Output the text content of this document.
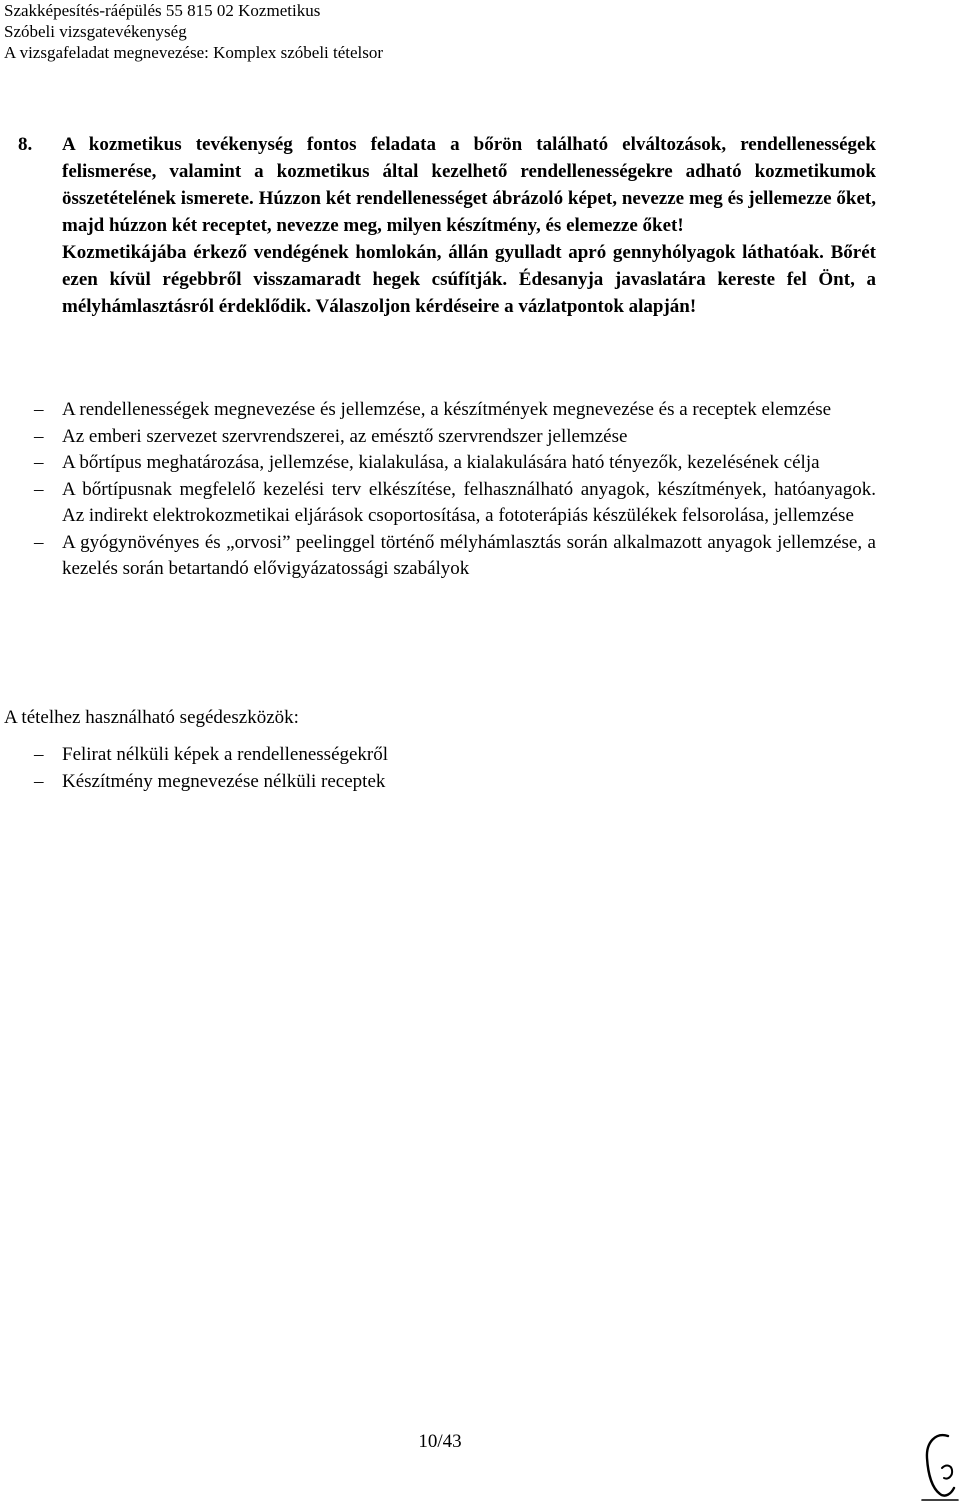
Szakképesítés-ráépülés 55 815 02 Kozmetikus
Szóbeli vizsgatevékenység
A vizsgafeladat megnevezése: Komplex szóbeli tételsor
8. A kozmetikus tevékenység fontos feladata a bőrön található elváltozások, rendellenességek felismerése, valamint a kozmetikus által kezelhető rendellenességekre adható kozmetikumok összetételének ismerete. Húzzon két rendellenességet ábrázoló képet, nevezze meg és jellemezze őket, majd húzzon két receptet, nevezze meg, milyen készítmény, és elemezze őket!

Kozmetikájába érkező vendégének homlokán, állán gyulladt apró gennyhólyagok láthatóak. Bőrét ezen kívül régebbről visszamaradt hegek csúfítják. Édesanyja javaslatára kereste fel Önt, a mélyhámlasztásról érdeklődik. Válaszoljon kérdéseire a vázlatpontok alapján!

– A rendellenességek megnevezése és jellemzése, a készítmények megnevezése és a receptek elemzése
– Az emberi szervezet szervrendszerei, az emésztő szervrendszer jellemzése
– A bőrtípus meghatározása, jellemzése, kialakulása, a kialakulására ható tényezők, kezelésének célja
– A bőrtípusnak megfelelő kezelési terv elkészítése, felhasználható anyagok, készítmények, hatóanyagok. Az indirekt elektrokozmetikai eljárások csoportosítása, a fototerápiás készülékek felsorolása, jellemzése
– A gyógynövényes és „orvosi” peelinggel történő mélyhámlasztás során alkalmazott anyagok jellemzése, a kezelés során betartandó elővigyázatossági szabályok
A tételhez használható segédeszközök:
– Felirat nélküli képek a rendellenességekről
– Készítmény megnevezése nélküli receptek
10/43
